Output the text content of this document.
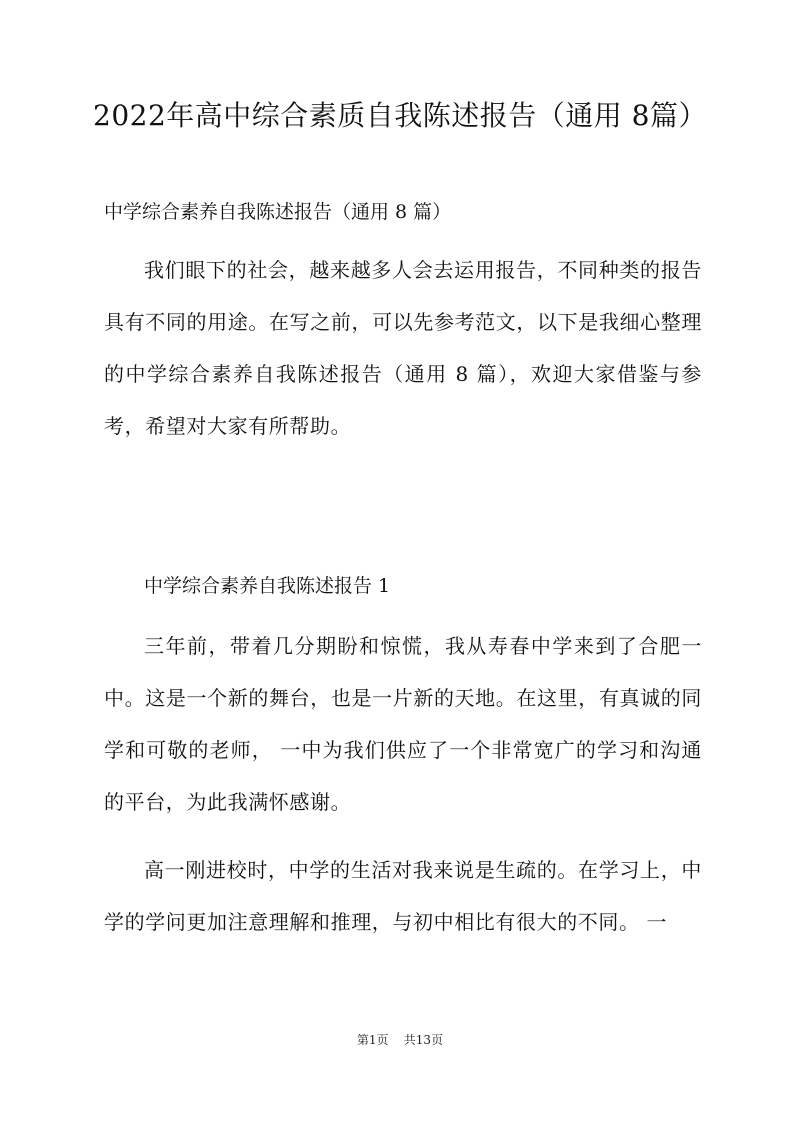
2022年高中综合素质自我陈述报告（通用 8篇）

中学综合素养自我陈述报告（通用 8 篇）

我们眼下的社会，越来越多人会去运用报告，不同种类的报告具有不同的用途。在写之前，可以先参考范文，以下是我细心整理的中学综合素养自我陈述报告（通用 8 篇），欢迎大家借鉴与参考，希望对大家有所帮助。

中学综合素养自我陈述报告 1

三年前，带着几分期盼和惊慌，我从寿春中学来到了合肥一中。这是一个新的舞台，也是一片新的天地。在这里，有真诚的同学和可敬的老师， 一中为我们供应了一个非常宽广的学习和沟通的平台，为此我满怀感谢。

高一刚进校时，中学的生活对我来说是生疏的。在学习上，中学的学问更加注意理解和推理，与初中相比有很大的不同。 一

第1页    共13页
